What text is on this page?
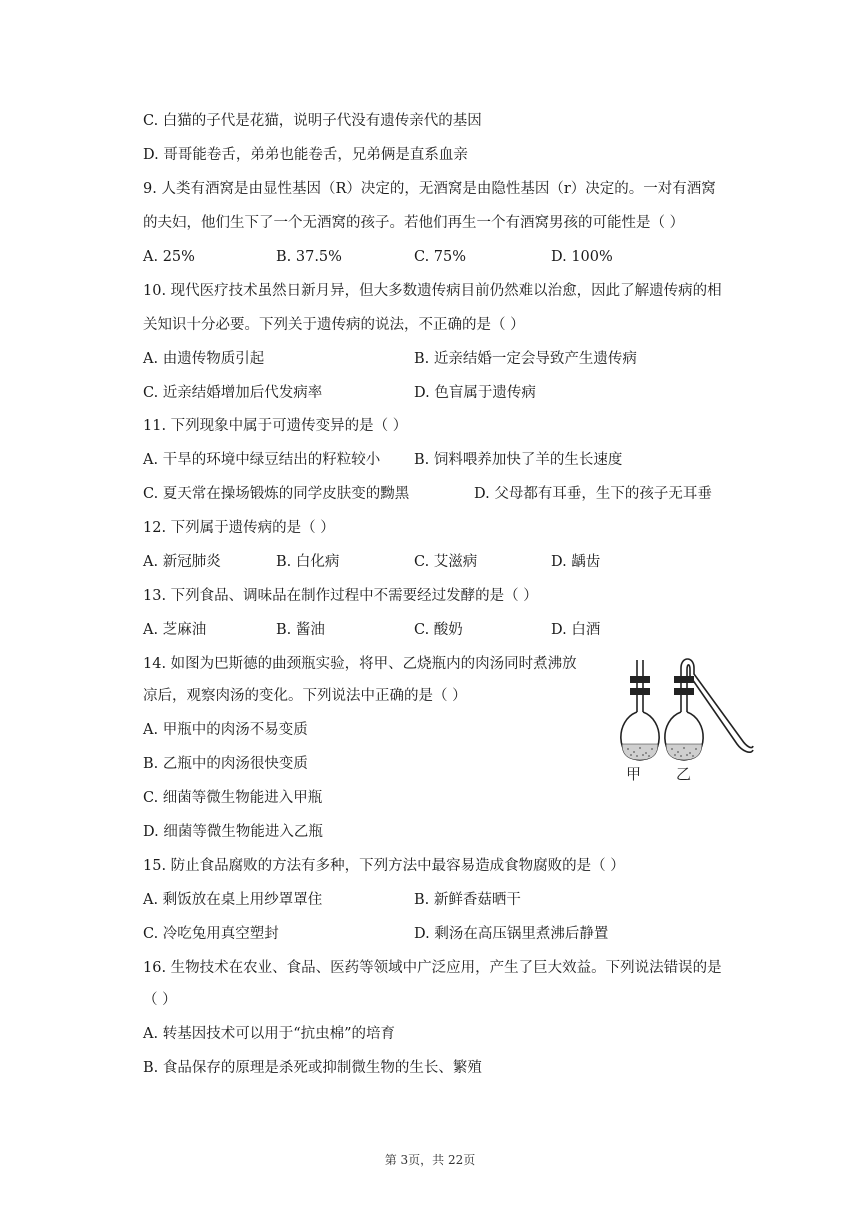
C. 白猫的子代是花猫，说明子代没有遗传亲代的基因
D. 哥哥能卷舌，弟弟也能卷舌，兄弟俩是直系血亲
9. 人类有酒窝是由显性基因（R）决定的，无酒窝是由隐性基因（r）决定的。一对有酒窝
的夫妇，他们生下了一个无酒窝的孩子。若他们再生一个有酒窝男孩的可能性是（ ）
A. 25%	B. 37.5%	C. 75%	D. 100%
10. 现代医疗技术虽然日新月异，但大多数遗传病目前仍然难以治愈，因此了解遗传病的相
关知识十分必要。下列关于遗传病的说法，不正确的是（ ）
A. 由遗传物质引起	B. 近亲结婚一定会导致产生遗传病
C. 近亲结婚增加后代发病率	D. 色盲属于遗传病
11. 下列现象中属于可遗传变异的是（ ）
A. 干旱的环境中绿豆结出的籽粒较小 B. 饲料喂养加快了羊的生长速度
C. 夏天常在操场锻炼的同学皮肤变的黝黑	D. 父母都有耳垂，生下的孩子无耳垂
12. 下列属于遗传病的是（ ）
A. 新冠肺炎	B. 白化病	C. 艾滋病	D. 龋齿
13. 下列食品、调味品在制作过程中不需要经过发酵的是（ ）
A. 芝麻油	B. 酱油	C. 酸奶	D. 白酒
14. 如图为巴斯德的曲颈瓶实验，将甲、乙烧瓶内的肉汤同时煮沸放
凉后，观察肉汤的变化。下列说法中正确的是（ ）
A. 甲瓶中的肉汤不易变质
B. 乙瓶中的肉汤很快变质
C. 细菌等微生物能进入甲瓶
D. 细菌等微生物能进入乙瓶
甲 乙
15. 防止食品腐败的方法有多种，下列方法中最容易造成食物腐败的是（ ）
A. 剩饭放在桌上用纱罩罩住	B. 新鲜香菇晒干
C. 冷吃兔用真空塑封	D. 剩汤在高压锅里煮沸后静置
16. 生物技术在农业、食品、医药等领域中广泛应用，产生了巨大效益。下列说法错误的是
（ ）
A. 转基因技术可以用于“抗虫棉”的培育
B. 食品保存的原理是杀死或抑制微生物的生长、繁殖
第 3页，共 22页
